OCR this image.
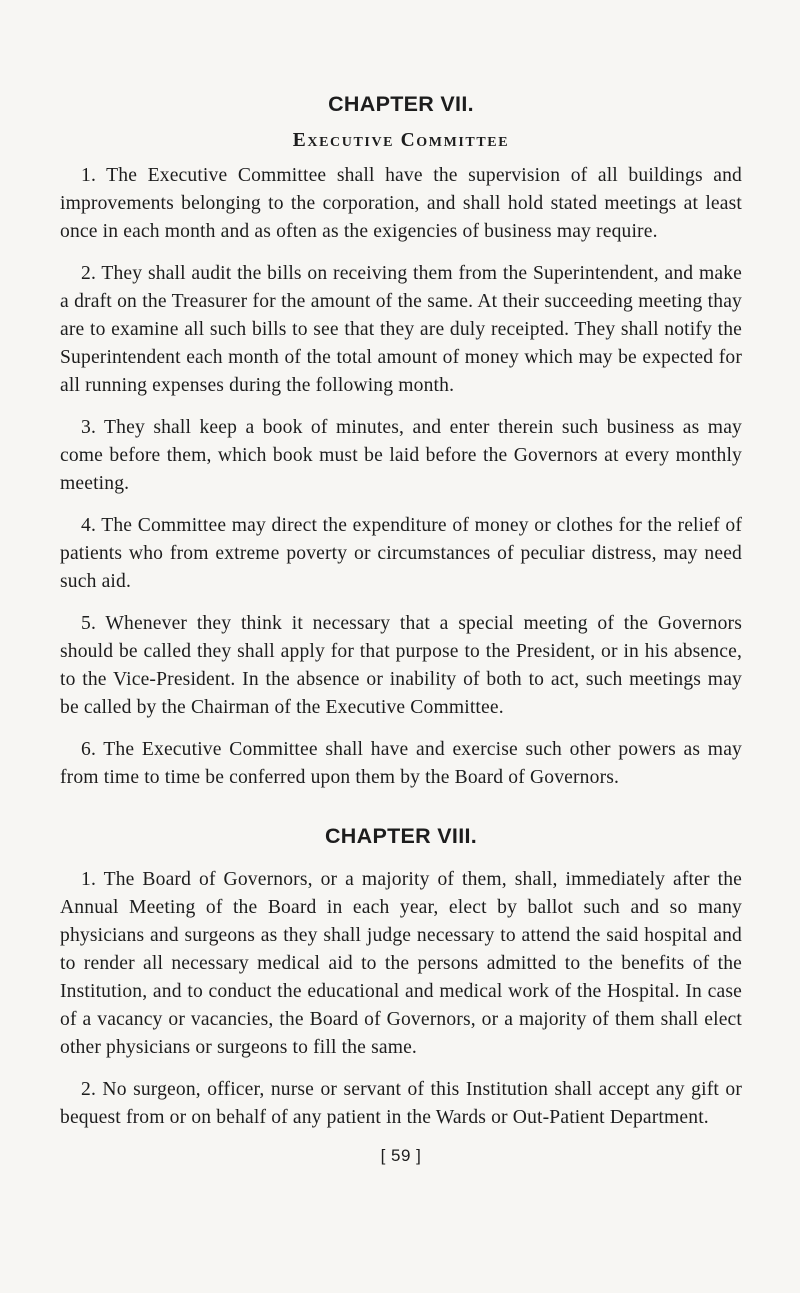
CHAPTER VII.
Executive Committee

1. The Executive Committee shall have the supervision of all buildings and improvements belonging to the corporation, and shall hold stated meetings at least once in each month and as often as the exigencies of business may require.

2. They shall audit the bills on receiving them from the Superintendent, and make a draft on the Treasurer for the amount of the same. At their succeeding meeting thay are to examine all such bills to see that they are duly receipted. They shall notify the Superintendent each month of the total amount of money which may be expected for all running expenses during the following month.

3. They shall keep a book of minutes, and enter therein such business as may come before them, which book must be laid before the Governors at every monthly meeting.

4. The Committee may direct the expenditure of money or clothes for the relief of patients who from extreme poverty or circumstances of peculiar distress, may need such aid.

5. Whenever they think it necessary that a special meeting of the Governors should be called they shall apply for that purpose to the President, or in his absence, to the Vice-President. In the absence or inability of both to act, such meetings may be called by the Chairman of the Executive Committee.

6. The Executive Committee shall have and exercise such other powers as may from time to time be conferred upon them by the Board of Governors.

CHAPTER VIII.

1. The Board of Governors, or a majority of them, shall, immediately after the Annual Meeting of the Board in each year, elect by ballot such and so many physicians and surgeons as they shall judge necessary to attend the said hospital and to render all necessary medical aid to the persons admitted to the benefits of the Institution, and to conduct the educational and medical work of the Hospital. In case of a vacancy or vacancies, the Board of Governors, or a majority of them shall elect other physicians or surgeons to fill the same.

2. No surgeon, officer, nurse or servant of this Institution shall accept any gift or bequest from or on behalf of any patient in the Wards or Out-Patient Department.

[ 59 ]
